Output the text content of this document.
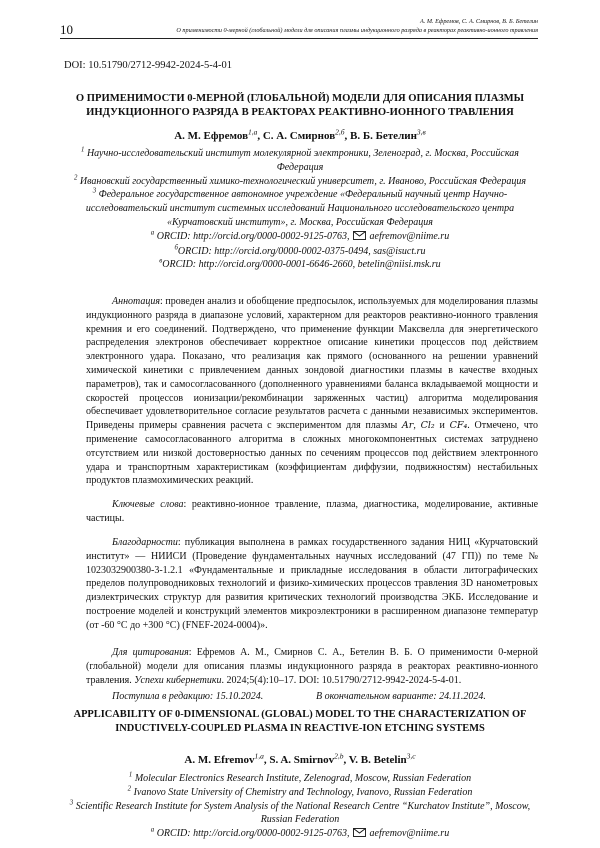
10
А. М. Ефремов, С. А. Смирнов, В. Б. Бетелин
О применимости 0-мерной (глобальной) модели для описания плазмы индукционного разряда в реакторах реактивно-ионного травления
DOI: 10.51790/2712-9942-2024-5-4-01
О ПРИМЕНИМОСТИ 0-МЕРНОЙ (ГЛОБАЛЬНОЙ) МОДЕЛИ ДЛЯ ОПИСАНИЯ ПЛАЗМЫ ИНДУКЦИОННОГО РАЗРЯДА В РЕАКТОРАХ РЕАКТИВНО-ИОННОГО ТРАВЛЕНИЯ
А. М. Ефремов$^{1,а}$, С. А. Смирнов$^{2,б}$, В. Б. Бетелин$^{3,в}$

$^1$ Научно-исследовательский институт молекулярной электроники, Зеленоград, г. Москва, Российская Федерация

$^2$ Ивановский государственный химико-технологический университет, г. Иваново, Российская Федерация

$^3$ Федеральное государственное автономное учреждение «Федеральный научный центр Научно-исследовательский институт системных исследований Национального исследовательского центра «Курчатовский институт», г. Москва, Российская Федерация

$^а$ ORCID: http://orcid.org/0000-0002-9125-0763, aefremov@niime.ru

$^б$ORCID: http://orcid.org/0000-0002-0375-0494, sas@isuct.ru

$^в$ORCID: http://orcid.org/0000-0001-6646-2660, betelin@niisi.msk.ru

Аннотация: проведен анализ и обобщение предпосылок, используемых для моделирования плазмы индукционного разряда в диапазоне условий, характерном для реакторов реактивно-ионного травления кремния и его соединений. Подтверждено, что применение функции Максвелла для энергетического распределения электронов обеспечивает корректное описание кинетики процессов под действием электронного удара. Показано, что реализация как прямого (основанного на решении уравнений химической кинетики с привлечением данных зондовой диагностики плазмы в качестве входных параметров), так и самосогласованного (дополненного уравнениями баланса вкладываемой мощности и скоростей процессов ионизации/рекомбинации заряженных частиц) алгоритма моделирования обеспечивает удовлетворительное согласие результатов расчета с данными независимых экспериментов. Приведены примеры сравнения расчета с экспериментом для плазмы Ar, Cl₂ и CF₄. Отмечено, что применение самосогласованного алгоритма в сложных многокомпонентных системах затруднено отсутствием или низкой достоверностью данных по сечениям процессов под действием электронного удара и транспортным характеристикам (коэффициентам диффузии, подвижностям) нестабильных продуктов плазмохимических реакций.

Ключевые слова: реактивно-ионное травление, плазма, диагностика, моделирование, активные частицы.

Благодарности: публикация выполнена в рамках государственного задания НИЦ «Курчатовский институт» — НИИСИ (Проведение фундаментальных научных исследований (47 ГП)) по теме № 1023032900380-3-1.2.1 «Фундаментальные и прикладные исследования в области литографических пределов полупроводниковых технологий и физико-химических процессов травления 3D нанометровых диэлектрических структур для развития критических технологий производства ЭКБ. Исследование и построение моделей и конструкций элементов микроэлектроники в расширенном диапазоне температур (от -60 °С до +300 °С) (FNEF-2024-0004)».

Для цитирования: Ефремов А. М., Смирнов С. А., Бетелин В. Б. О применимости 0-мерной (глобальной) модели для описания плазмы индукционного разряда в реакторах реактивно-ионного травления. Успехи кибернетики. 2024;5(4):10–17. DOI: 10.51790/2712-9942-2024-5-4-01.

Поступила в редакцию: 15.10.2024.	В окончательном варианте: 24.11.2024.
APPLICABILITY OF 0-DIMENSIONAL (GLOBAL) MODEL TO THE CHARACTERIZATION OF INDUCTIVELY-COUPLED PLASMA IN REACTIVE-ION ETCHING SYSTEMS
A. M. Efremov$^{1,a}$, S. A. Smirnov$^{2,b}$, V. B. Betelin$^{3,c}$

$^1$ Molecular Electronics Research Institute, Zelenograd, Moscow, Russian Federation

$^2$ Ivanovo State University of Chemistry and Technology, Ivanovo, Russian Federation

$^3$ Scientific Research Institute for System Analysis of the National Research Centre “Kurchatov Institute”, Moscow, Russian Federation

$^a$ ORCID: http://orcid.org/0000-0002-9125-0763, aefremov@niime.ru
